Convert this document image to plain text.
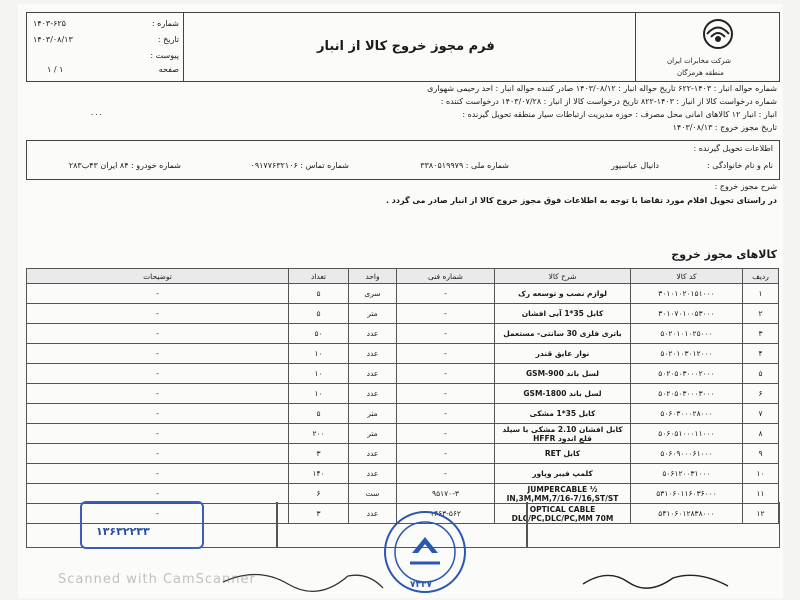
شماره :
۱۴۰۳-۶۲۵
تاریخ :
۱۴۰۳/۰۸/۱۳
پیوست :
صفحه
۱ / ۱
فرم مجوز خروج کالا از انبار
شرکت مخابرات ایران
منطقه هرمزگان
شماره حواله انبار : ۱۴۰۳-۶۲۲ تاریخ حواله انبار : ۱۴۰۳/۰۸/۱۲ صادر کننده حواله انبار : احد رحیمی شهواری
شماره درخواست کالا از انبار : ۱۴۰۳-۸۲۲ تاریخ درخواست کالا از انبار : ۱۴۰۳/۰۷/۲۸ درخواست کننده :
انبار : انبار ۱۲ کالاهای امانی محل مصرف : حوزه مدیریت ارتباطات سیار منطقه تحویل گیرنده :
۰۰۰
تاریخ مجوز خروج : ۱۴۰۳/۰۸/۱۳
اطلاعات تحویل گیرنده :
نام و نام خانوادگی :
دانیال عباسپور
شماره ملی : ۳۳۸۰۵۱۹۹۷۹
شماره تماس : ۰۹۱۷۷۶۳۲۱۰۶
شماره خودرو : ۸۴ ایران ۴۳ب۲۸۳
شرح مجوز خروج :
در راستای تحویل اقلام مورد تقاضا با توجه به اطلاعات فوق مجوز خروج کالا از انبار صادر می گردد .
کالاهای مجوز خروج
ردیف	کد کالا	شرح کالا	شماره فنی	واحد	تعداد	توضیحات
۱	۳۰۱۰۱۰۲۰۱۵۱۰۰۰	لوازم نصب و توسعه رک	-	سری	۵	-
۲	۳۰۱۰۷۰۱۰۰۵۳۰۰۰	کابل 35*1 آبی افشان	-	متر	۵	-
۳	۵۰۲۰۱۰۱۰۲۵۰۰۰	باتری فلزی 30 سانتی- مستعمل	-	عدد	۵۰	-
۴	۵۰۲۰۱۰۳۰۱۲۰۰۰	نوار عایق قندر	-	عدد	۱۰	-
۵	۵۰۲۰۵۰۳۰۰۰۲۰۰۰	لسل باند GSM-900	-	عدد	۱۰	-
۶	۵۰۲۰۵۰۳۰۰۰۳۰۰۰	لسل باند GSM-1800	-	عدد	۱۰	-
۷	۵۰۶۰۳۰۰۰۲۸۰۰۰	کابل 35*1 مشکی	-	متر	۵	-
۸	۵۰۶۰۵۱۰۰۰۱۱۰۰۰	کابل افشان 2.10 مشکی با سیلد قلع اندود HFFR	-	متر	۲۰۰	-
۹	۵۰۶۰۹۰۰۰۶۱۰۰۰	کابل RET	-	عدد	۳	-
۱۰	۵۰۶۱۲۰۰۳۱۰۰۰	کلمپ فیبر وپاور	-	عدد	۱۴۰	-
۱۱	۵۳۱۰۶۰۱۱۶۰۳۶۰۰۰	JUMPERCABLE ½ IN,3M,MM,7/16-7/16,ST/ST	۹۵۱۷۰-۳	ست	۶	-
۱۲	۵۴۱۰۶۰۱۲۸۳۸۰۰۰	OPTICAL CABLE DLC/PC,DLC/PC,MM 70M	۱۴۶۳-۵۶۲	عدد	۳	-
۱۳۶۳۲۲۳۳
۷۳۳۷
Scanned with CamScanner
